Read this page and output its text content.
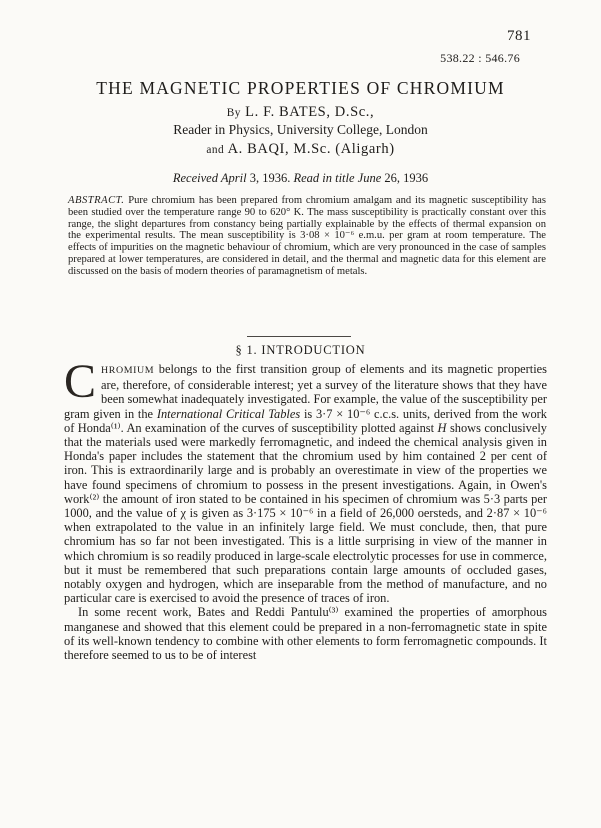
781
538.22 : 546.76
THE MAGNETIC PROPERTIES OF CHROMIUM
By L. F. BATES, D.Sc.,
Reader in Physics, University College, London
and A. BAQI, M.Sc. (Aligarh)
Received April 3, 1936. Read in title June 26, 1936
ABSTRACT. Pure chromium has been prepared from chromium amalgam and its magnetic susceptibility has been studied over the temperature range 90 to 620° K. The mass susceptibility is practically constant over this range, the slight departures from constancy being partially explainable by the effects of thermal expansion on the experimental results. The mean susceptibility is 3·08 × 10⁻⁶ e.m.u. per gram at room temperature. The effects of impurities on the magnetic behaviour of chromium, which are very pronounced in the case of samples prepared at lower temperatures, are considered in detail, and the thermal and magnetic data for this element are discussed on the basis of modern theories of paramagnetism of metals.
§ 1. INTRODUCTION

C HROMIUM belongs to the first transition group of elements and its magnetic properties are, therefore, of considerable interest; yet a survey of the literature shows that they have been somewhat inadequately investigated. For example, the value of the susceptibility per gram given in the International Critical Tables is 3·7 × 10⁻⁶ c.c.s. units, derived from the work of Honda⁽¹⁾. An examination of the curves of susceptibility plotted against H shows conclusively that the materials used were markedly ferromagnetic, and indeed the chemical analysis given in Honda's paper includes the statement that the chromium used by him contained 2 per cent of iron. This is extraordinarily large and is probably an overestimate in view of the properties we have found specimens of chromium to possess in the present investigations. Again, in Owen's work⁽²⁾ the amount of iron stated to be contained in his specimen of chromium was 5·3 parts per 1000, and the value of χ is given as 3·175 × 10⁻⁶ in a field of 26,000 oersteds, and 2·87 × 10⁻⁶ when extrapolated to the value in an infinitely large field. We must conclude, then, that pure chromium has so far not been investigated. This is a little surprising in view of the manner in which chromium is so readily produced in large-scale electrolytic processes for use in commerce, but it must be remembered that such preparations contain large amounts of occluded gases, notably oxygen and hydrogen, which are inseparable from the method of manufacture, and no particular care is exercised to avoid the presence of traces of iron.

In some recent work, Bates and Reddi Pantulu⁽³⁾ examined the properties of amorphous manganese and showed that this element could be prepared in a non-ferromagnetic state in spite of its well-known tendency to combine with other elements to form ferromagnetic compounds. It therefore seemed to us to be of interest
